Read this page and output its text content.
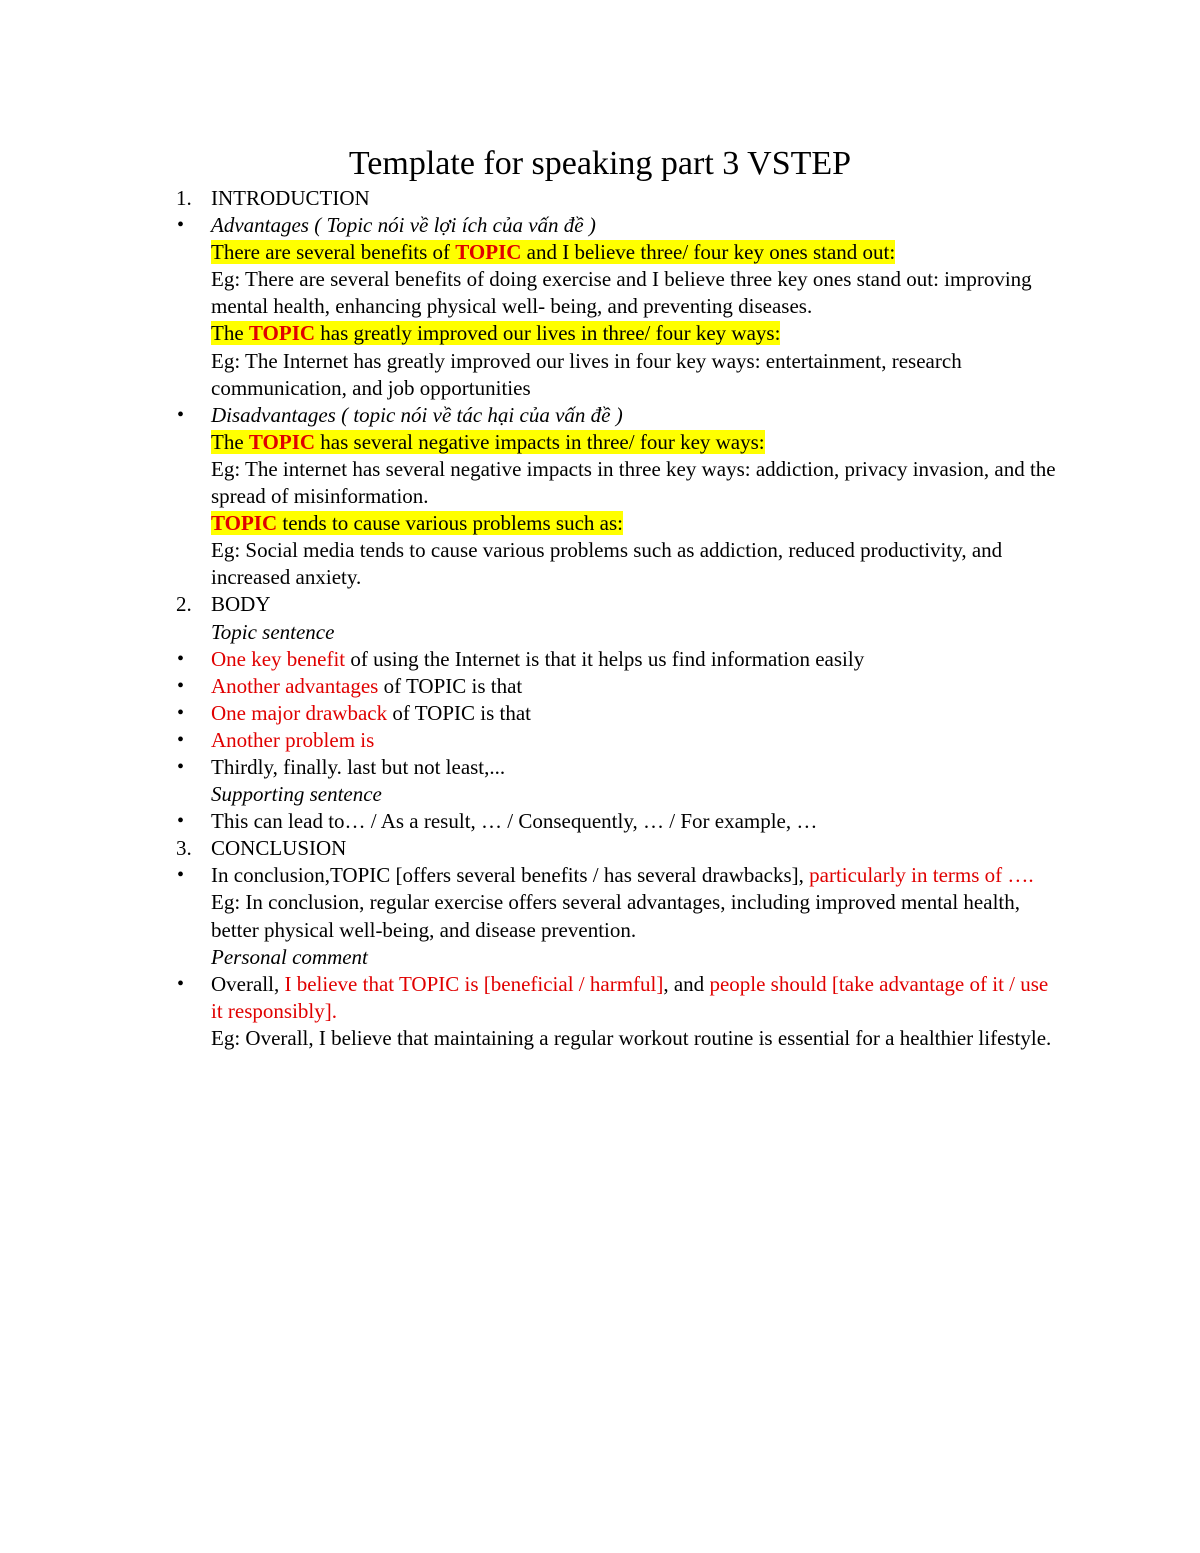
Template for speaking part 3 VSTEP
1. INTRODUCTION
• Advantages ( Topic nói về lợi ích của vấn đề )
There are several benefits of TOPIC and I believe three/ four key ones stand out:
Eg: There are several benefits of doing exercise and I believe three key ones stand out: improving mental health, enhancing physical well- being, and preventing diseases.
The TOPIC has greatly improved our lives in three/ four key ways:
Eg: The Internet has greatly improved our lives in four key ways: entertainment, research communication, and job opportunities
• Disadvantages ( topic nói về tác hại của vấn đề )
The TOPIC has several negative impacts in three/ four key ways:
Eg: The internet has several negative impacts in three key ways: addiction, privacy invasion, and the spread of misinformation.
TOPIC tends to cause various problems such as:
Eg: Social media tends to cause various problems such as addiction, reduced productivity, and increased anxiety.
2. BODY
Topic sentence
• One key benefit of using the Internet is that it helps us find information easily
• Another advantages of TOPIC is that
• One major drawback of TOPIC is that
• Another problem is
• Thirdly, finally. last but not least,...
Supporting sentence
• This can lead to… / As a result, … / Consequently, … / For example, …
3. CONCLUSION
• In conclusion,TOPIC [offers several benefits / has several drawbacks], particularly in terms of ….
Eg: In conclusion, regular exercise offers several advantages, including improved mental health, better physical well-being, and disease prevention.
Personal comment
• Overall, I believe that TOPIC is [beneficial / harmful], and people should [take advantage of it / use it responsibly].
Eg: Overall, I believe that maintaining a regular workout routine is essential for a healthier lifestyle.
